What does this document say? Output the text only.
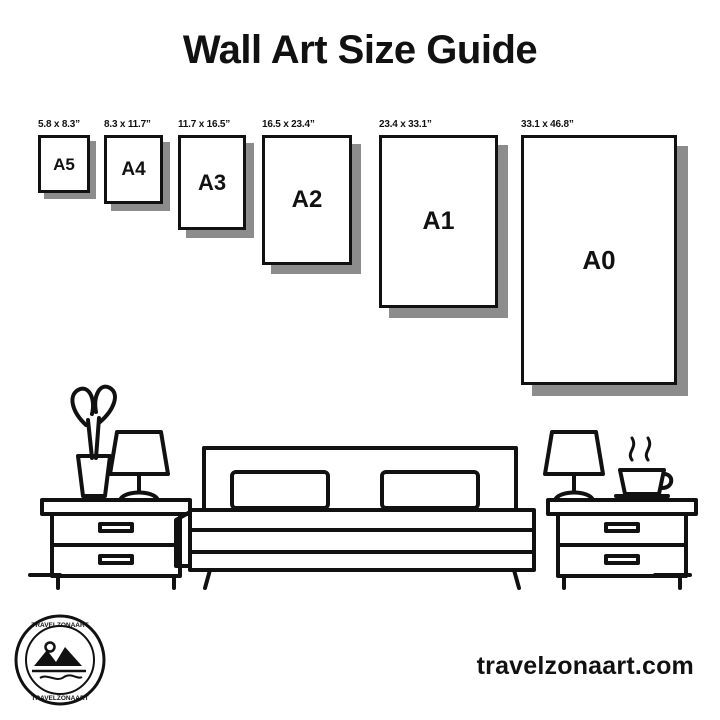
Wall Art Size Guide
5.8 x 8.3”
A5
8.3 x 11.7”
A4
11.7 x 16.5”
A3
16.5 x 23.4”
A2
23.4 x 33.1”
A1
33.1 x 46.8”
A0
TRAVELZONAART
TRAVELZONAART
travelzonaart.com
